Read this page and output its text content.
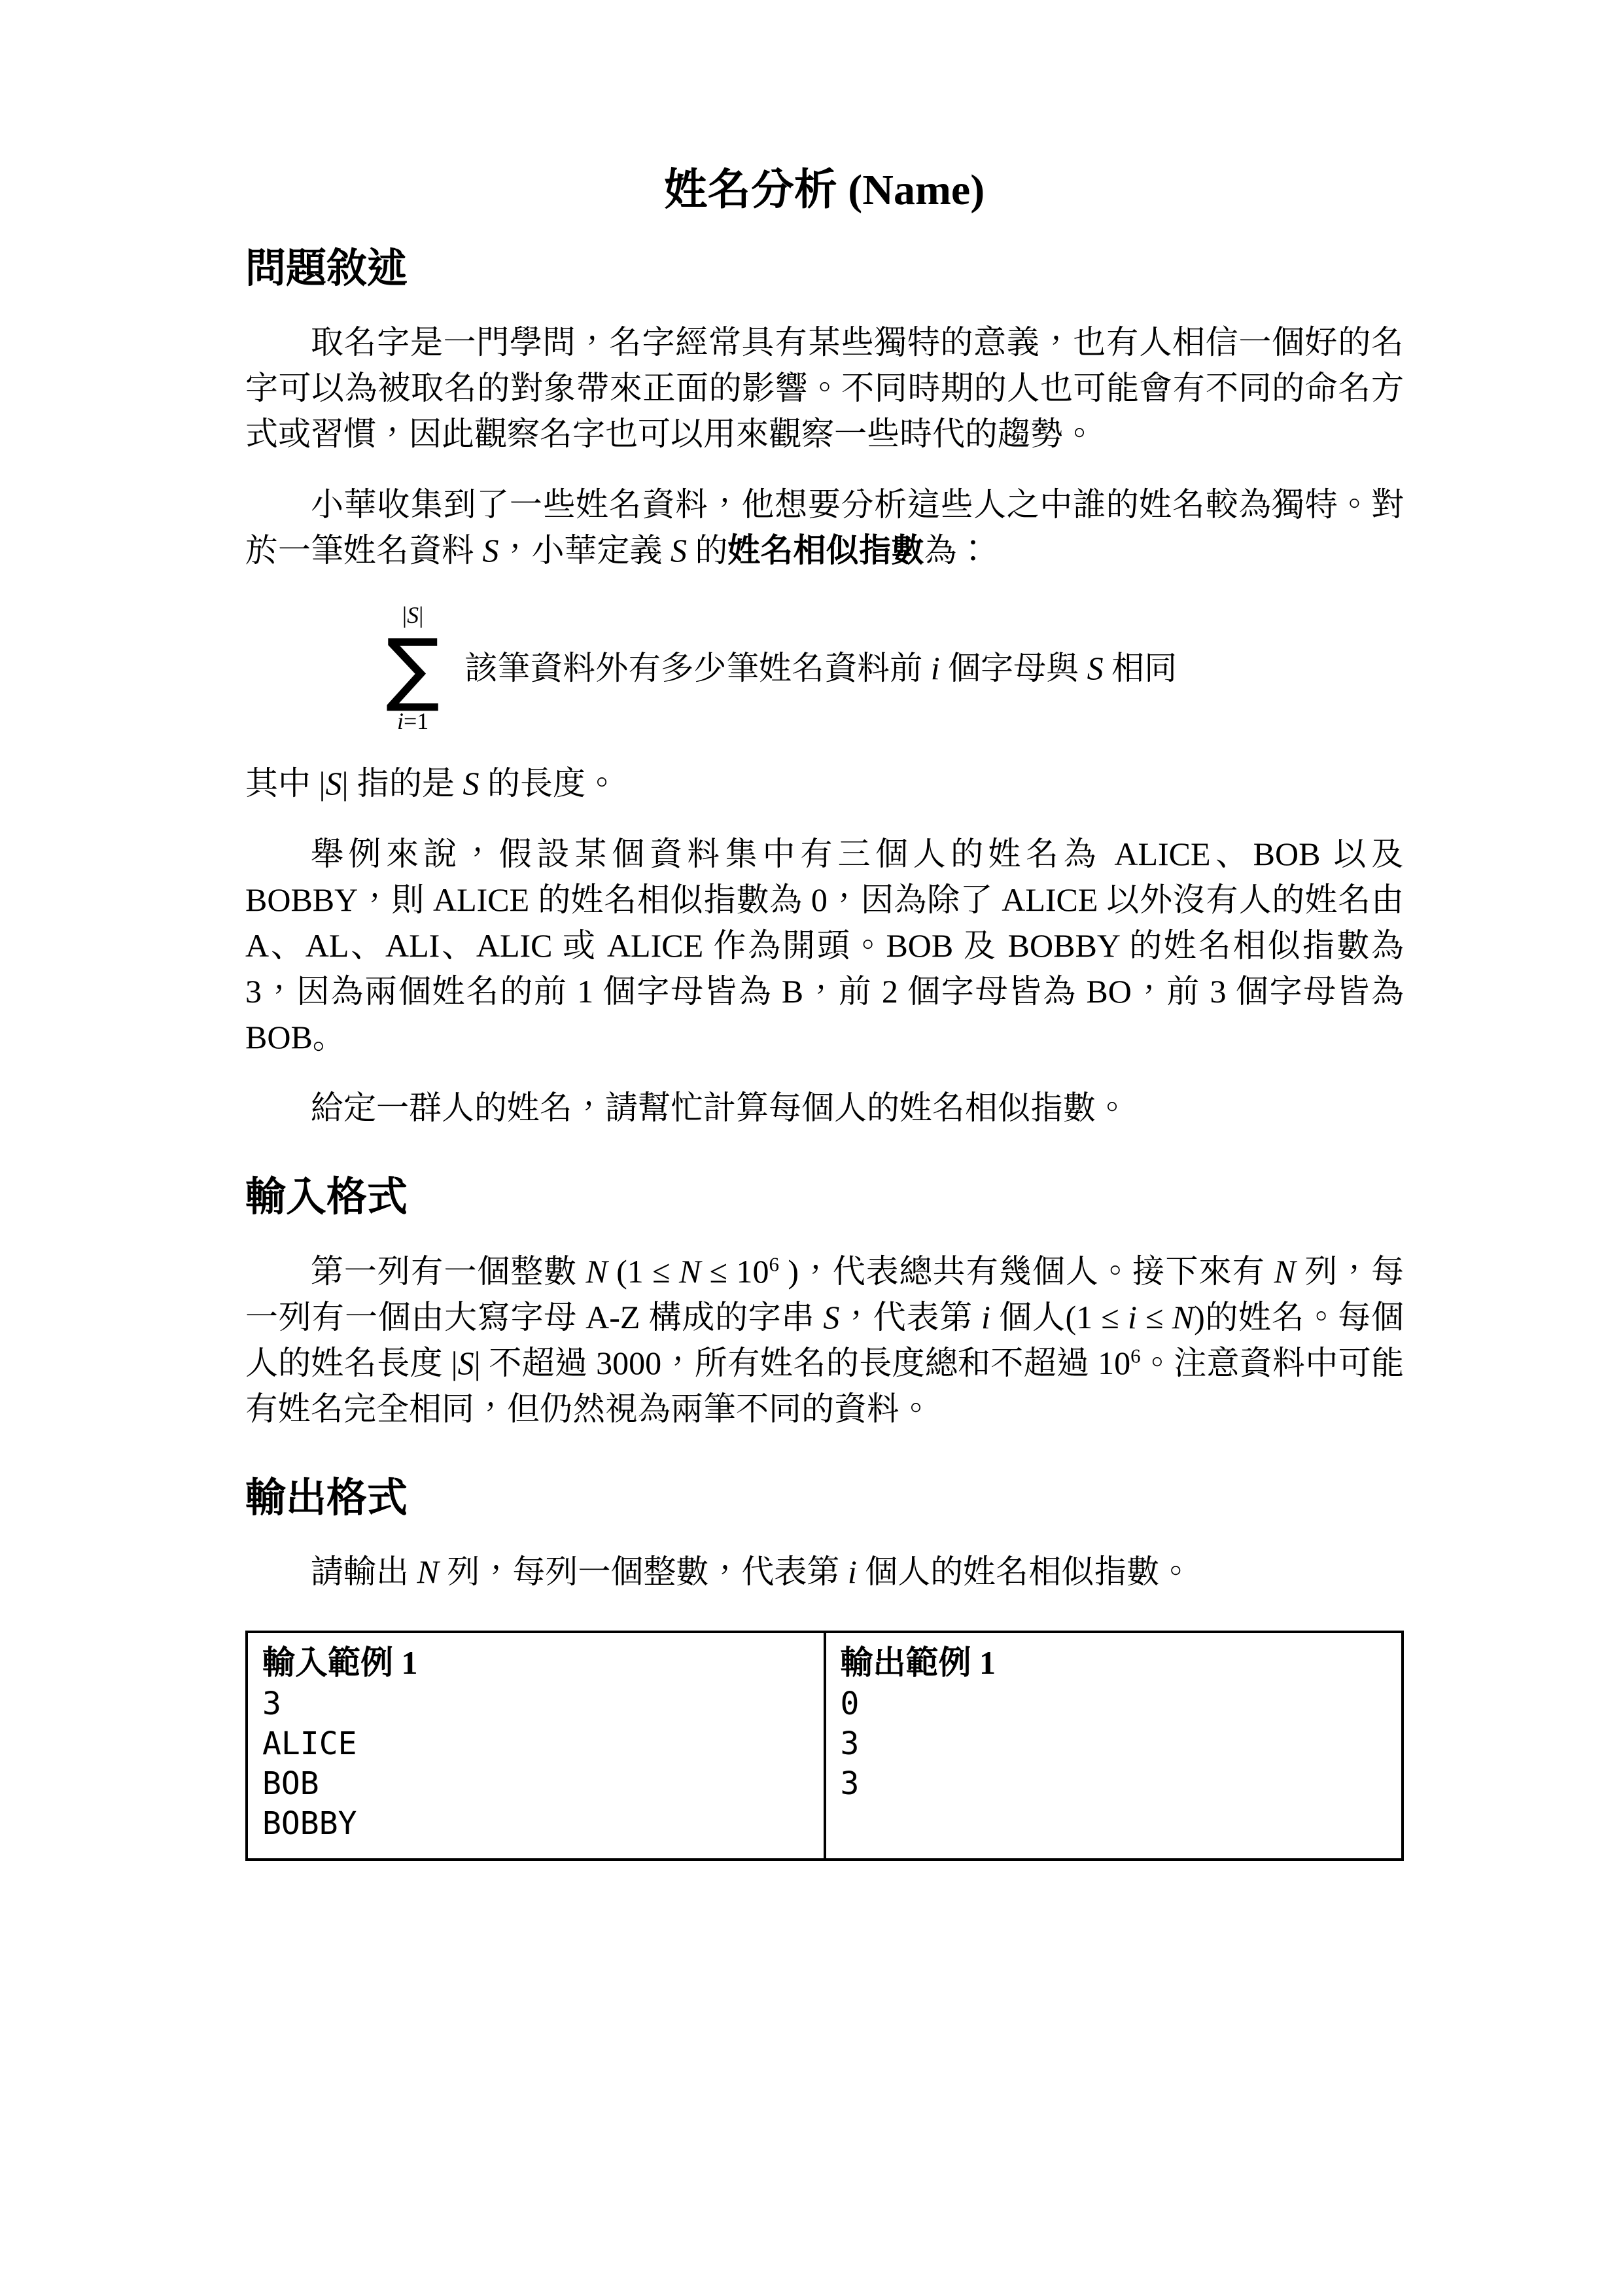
姓名分析 (Name)
問題敘述

取名字是一門學問，名字經常具有某些獨特的意義，也有人相信一個好的名字可以為被取名的對象帶來正面的影響。不同時期的人也可能會有不同的命名方式或習慣，因此觀察名字也可以用來觀察一些時代的趨勢。

小華收集到了一些姓名資料，他想要分析這些人之中誰的姓名較為獨特。對於一筆姓名資料 S，小華定義 S 的姓名相似指數為：

|S|
∑
i=1
該筆資料外有多少筆姓名資料前 i 個字母與 S 相同

其中 |S| 指的是 S 的長度。

舉例來說，假設某個資料集中有三個人的姓名為 ALICE、BOB 以及 BOBBY，則 ALICE 的姓名相似指數為 0，因為除了 ALICE 以外沒有人的姓名由 A、AL、ALI、ALIC 或 ALICE 作為開頭。BOB 及 BOBBY 的姓名相似指數為 3，因為兩個姓名的前 1 個字母皆為 B，前 2 個字母皆為 BO，前 3 個字母皆為 BOB。

給定一群人的姓名，請幫忙計算每個人的姓名相似指數。

輸入格式

第一列有一個整數 N ($1 \le N \le 10^6$ )，代表總共有幾個人。接下來有 N 列，每一列有一個由大寫字母 A-Z 構成的字串 S，代表第 i 個人(1 ≤ i ≤ N)的姓名。每個人的姓名長度 |S| 不超過 3000，所有姓名的長度總和不超過 $10^6$。注意資料中可能有姓名完全相同，但仍然視為兩筆不同的資料。

輸出格式

請輸出 N 列，每列一個整數，代表第 i 個人的姓名相似指數。

輸入範例 1
3
ALICE
BOB
BOBBY

輸出範例 1
0
3
3
